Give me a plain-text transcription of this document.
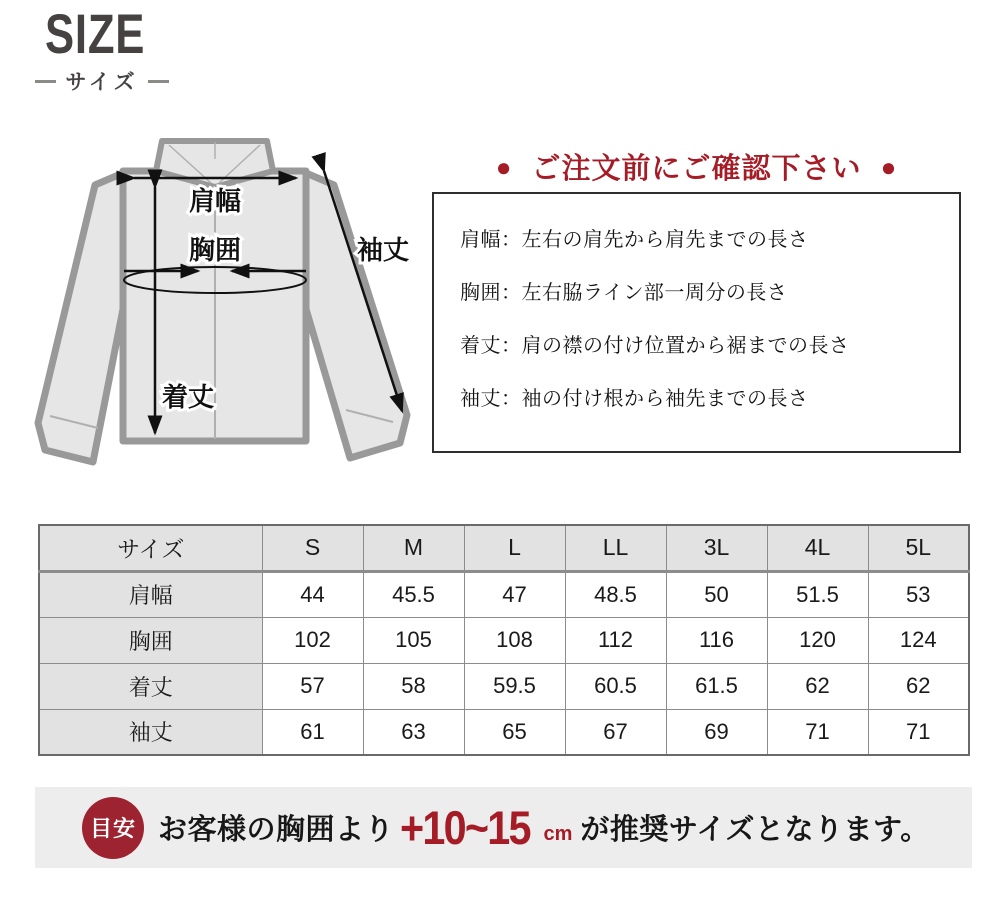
SIZE
サイズ
肩幅
胸囲
着丈
袖丈
● ご注文前にご確認下さい ●
肩幅：左右の肩先から肩先までの長さ
胸囲：左右脇ライン部一周分の長さ
着丈：肩の襟の付け位置から裾までの長さ
袖丈：袖の付け根から袖先までの長さ
サイズ	S	M	L	LL	3L	4L	5L
肩幅	44	45.5	47	48.5	50	51.5	53
胸囲	102	105	108	112	116	120	124
着丈	57	58	59.5	60.5	61.5	62	62
袖丈	61	63	65	67	69	71	71
目安 お客様の胸囲より +10~15 cm が推奨サイズとなります。
